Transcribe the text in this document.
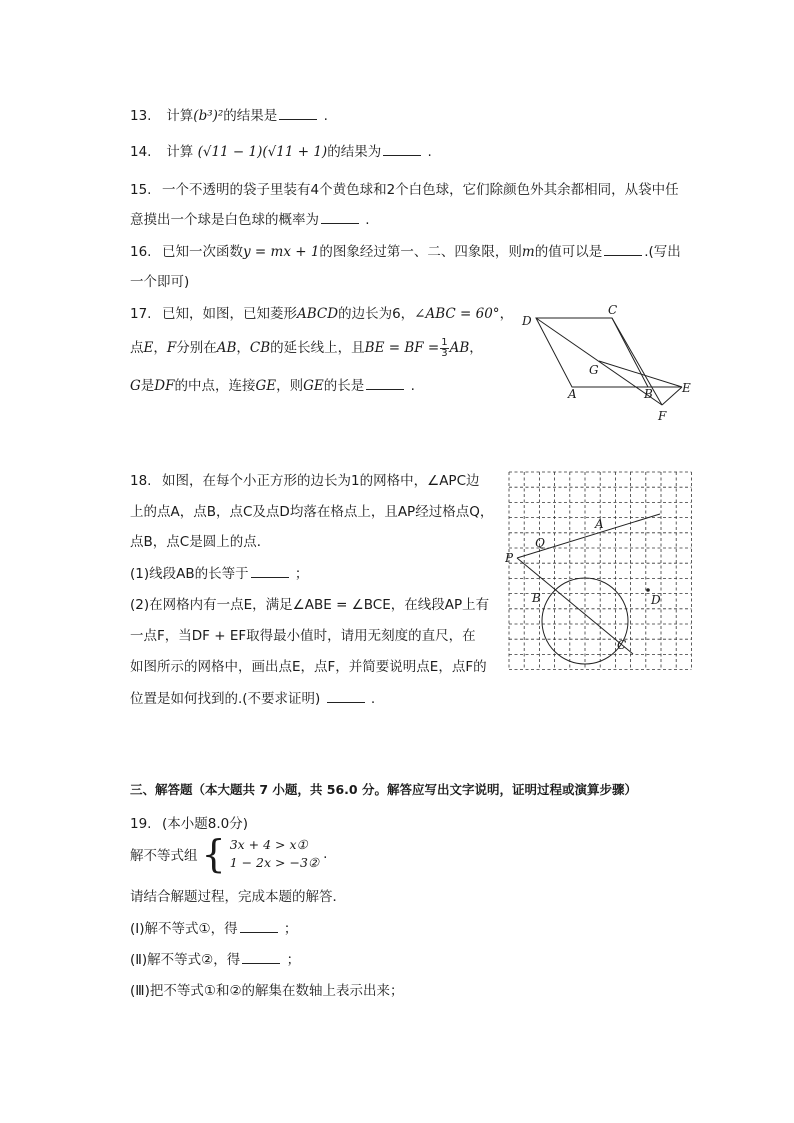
13. 计算(b³)²的结果是	.
14. 计算 (√11 − 1)(√11 + 1)的结果为	.
15. 一个不透明的袋子里装有4个黄色球和2个白色球，它们除颜色外其余都相同，从袋中任
意摸出一个球是白色球的概率为	.
16. 已知一次函数y = mx + 1的图象经过第一、二、四象限，则m的值可以是	.(写出
一个即可)
17. 已知，如图，已知菱形ABCD的边长为6，∠ABC = 60°，
点E，F分别在AB，CB的延长线上，且BE = BF = $\frac{1}{3}$ AB，
G是DF的中点，连接GE，则GE的长是	.
D
C
G
A	B E
F
18. 如图，在每个小正方形的边长为1的网格中，∠APC边
上的点A，点B，点C及点D均落在格点上，且AP经过格点Q，
点B，点C是圆上的点．
(1)线段AB的长等于	；
(2)在网格内有一点E，满足∠ABE = ∠BCE，在线段AP上有
一点F，当DF + EF取得最小值时，请用无刻度的直尺，在
如图所示的网格中，画出点E，点F，并简要说明点E，点F的
位置是如何找到的.(不要求证明)	.
A
Q
P
B	D
C
三、解答题（本大题共 7 小题，共 56.0 分。解答应写出文字说明，证明过程或演算步骤）
19. (本小题8.0分)
解不等式组 { 3x + 4 > x①
1 − 2x > −3②
.
请结合解题过程，完成本题的解答．
(Ⅰ)解不等式①，得	；
(Ⅱ)解不等式②，得	；
(Ⅲ)把不等式①和②的解集在数轴上表示出来；
